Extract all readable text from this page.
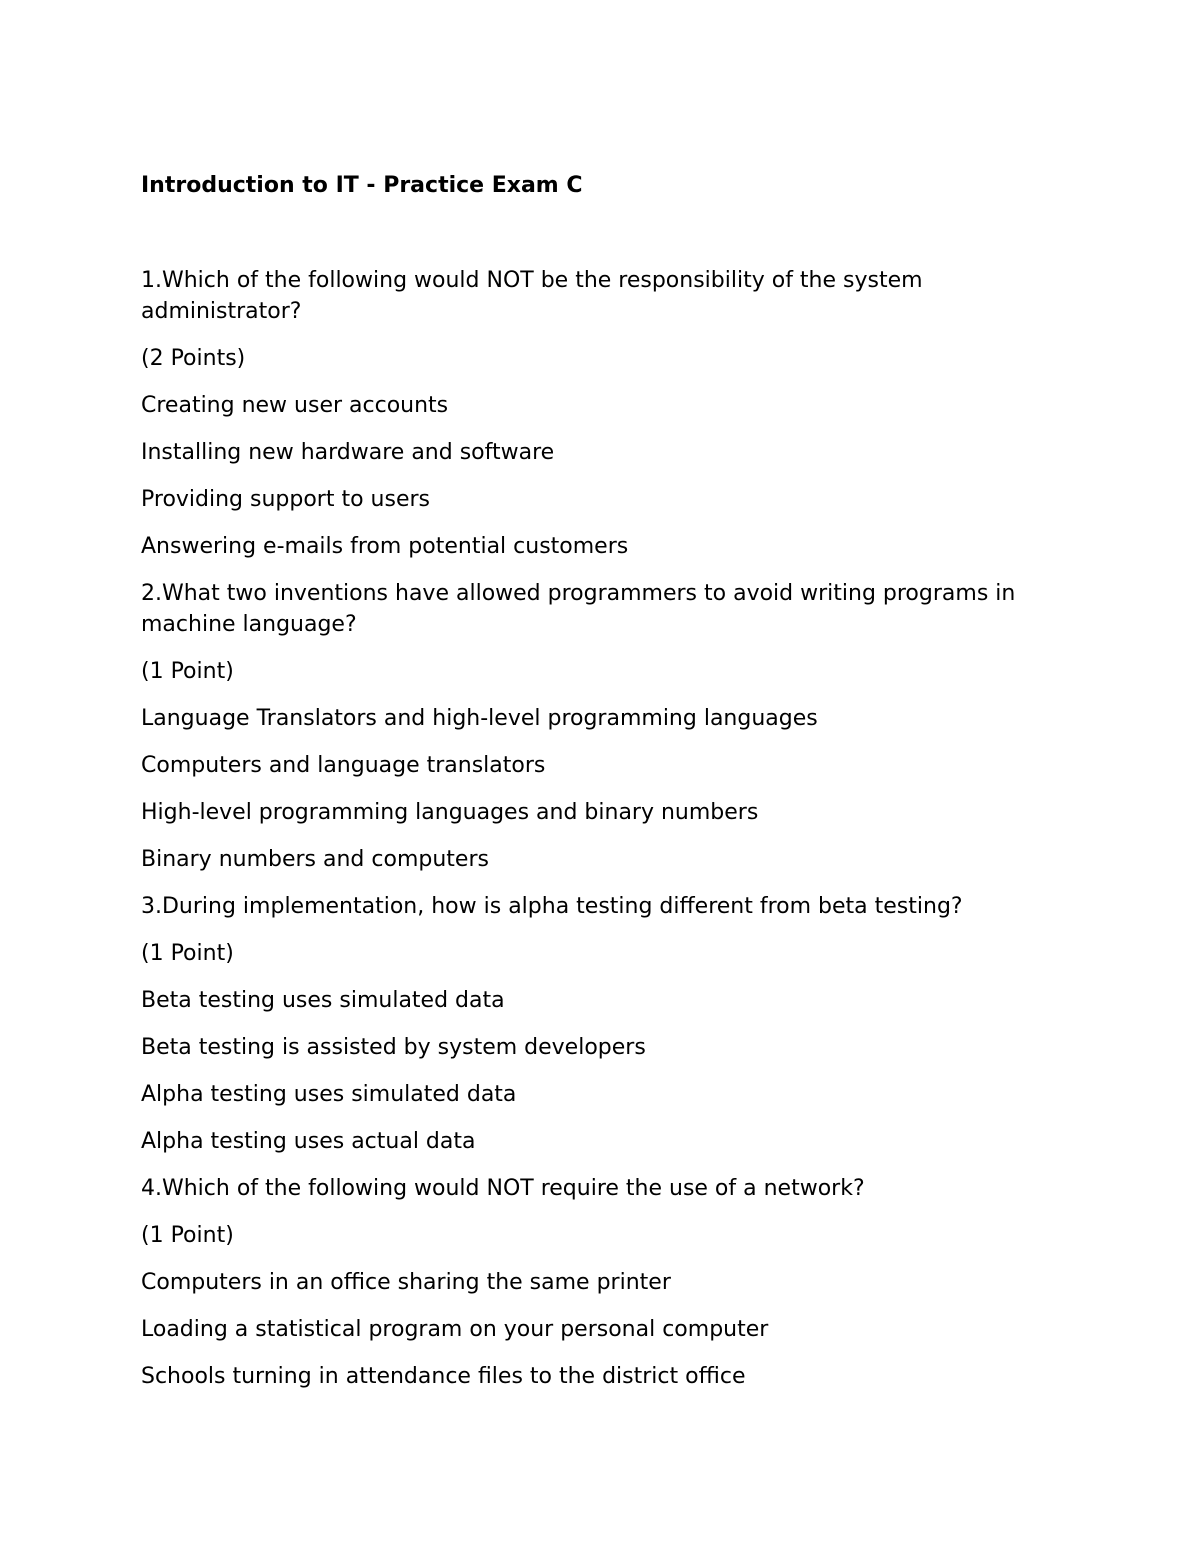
Introduction to IT - Practice Exam C
1.Which of the following would NOT be the responsibility of the system administrator?
(2 Points)
Creating new user accounts
Installing new hardware and software
Providing support to users
Answering e-mails from potential customers
2.What two inventions have allowed programmers to avoid writing programs in machine language?
(1 Point)
Language Translators and high-level programming languages
Computers and language translators
High-level programming languages and binary numbers
Binary numbers and computers
3.During implementation, how is alpha testing different from beta testing?
(1 Point)
Beta testing uses simulated data
Beta testing is assisted by system developers
Alpha testing uses simulated data
Alpha testing uses actual data
4.Which of the following would NOT require the use of a network?
(1 Point)
Computers in an office sharing the same printer
Loading a statistical program on your personal computer
Schools turning in attendance files to the district office
